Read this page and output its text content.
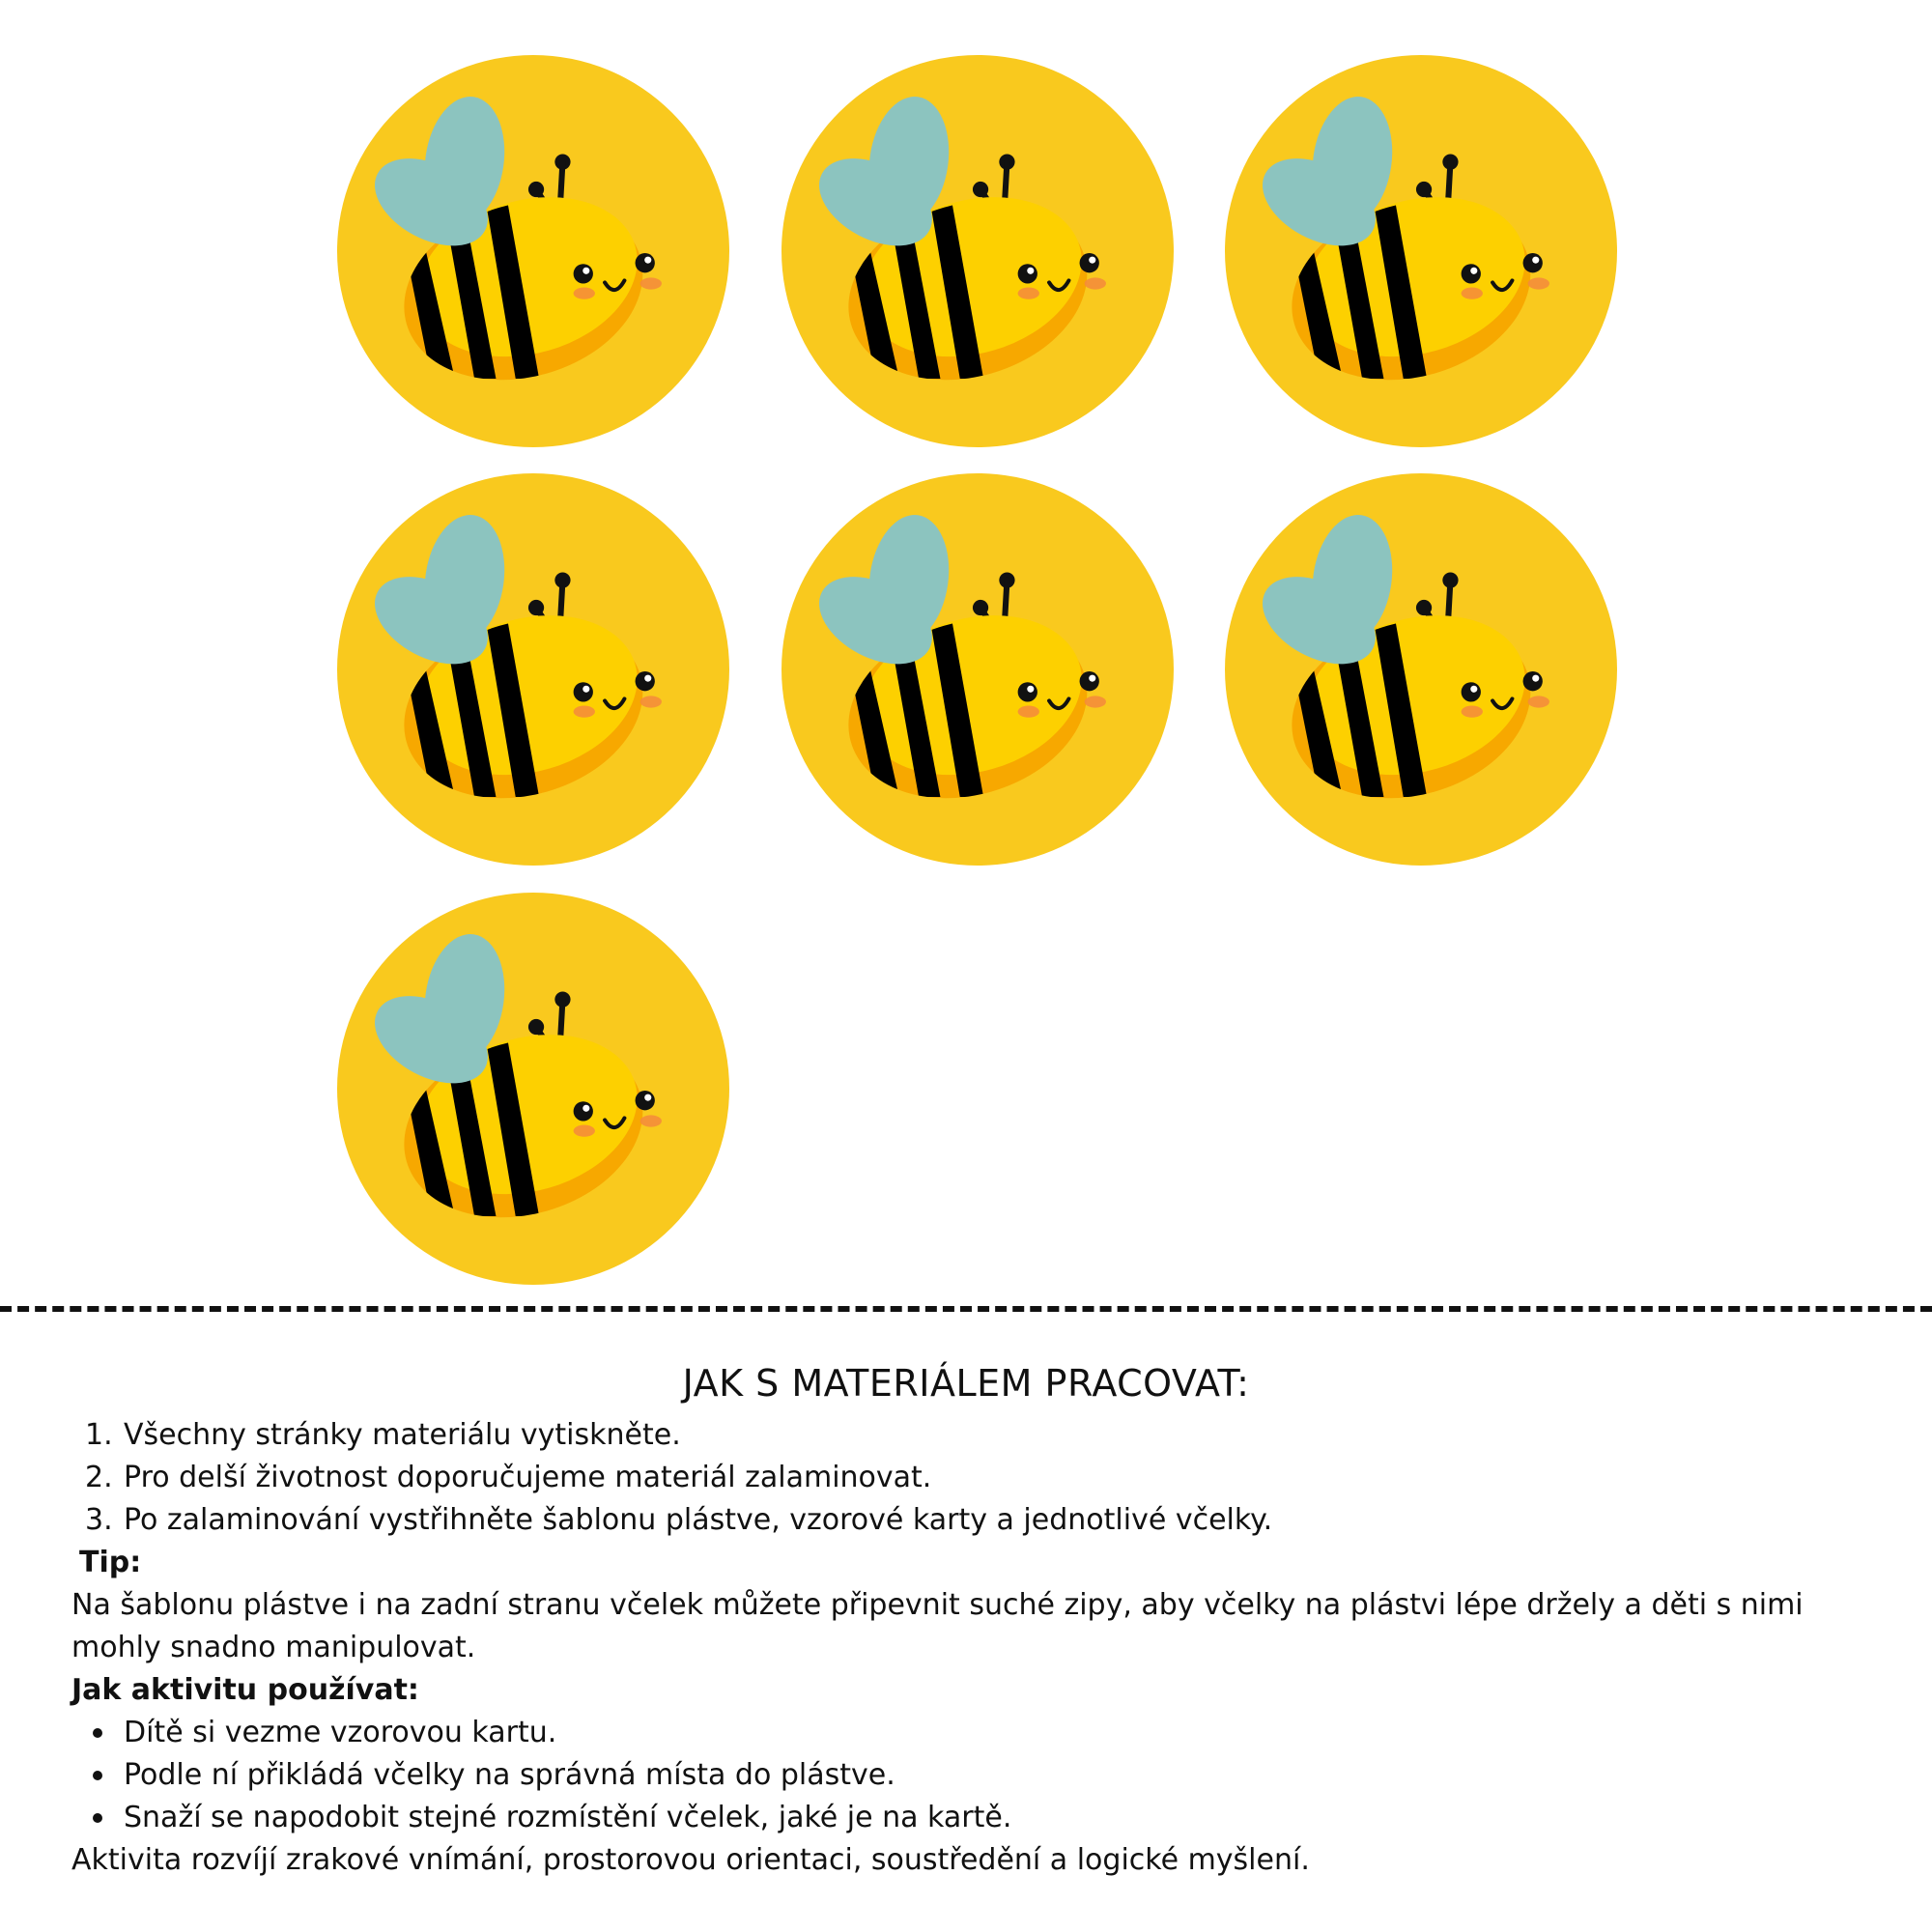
JAK S MATERIÁLEM PRACOVAT:
1. Všechny stránky materiálu vytiskněte.
2. Pro delší životnost doporučujeme materiál zalaminovat.
3. Po zalaminování vystřihněte šablonu plástve, vzorové karty a jednotlivé včelky.
Tip:
Na šablonu plástve i na zadní stranu včelek můžete připevnit suché zipy, aby včelky na plástvi lépe držely a děti s nimi mohly snadno manipulovat.
Jak aktivitu používat:
Dítě si vezme vzorovou kartu.
Podle ní přikládá včelky na správná místa do plástve.
Snaží se napodobit stejné rozmístění včelek, jaké je na kartě.
Aktivita rozvíjí zrakové vnímání, prostorovou orientaci, soustředění a logické myšlení.
